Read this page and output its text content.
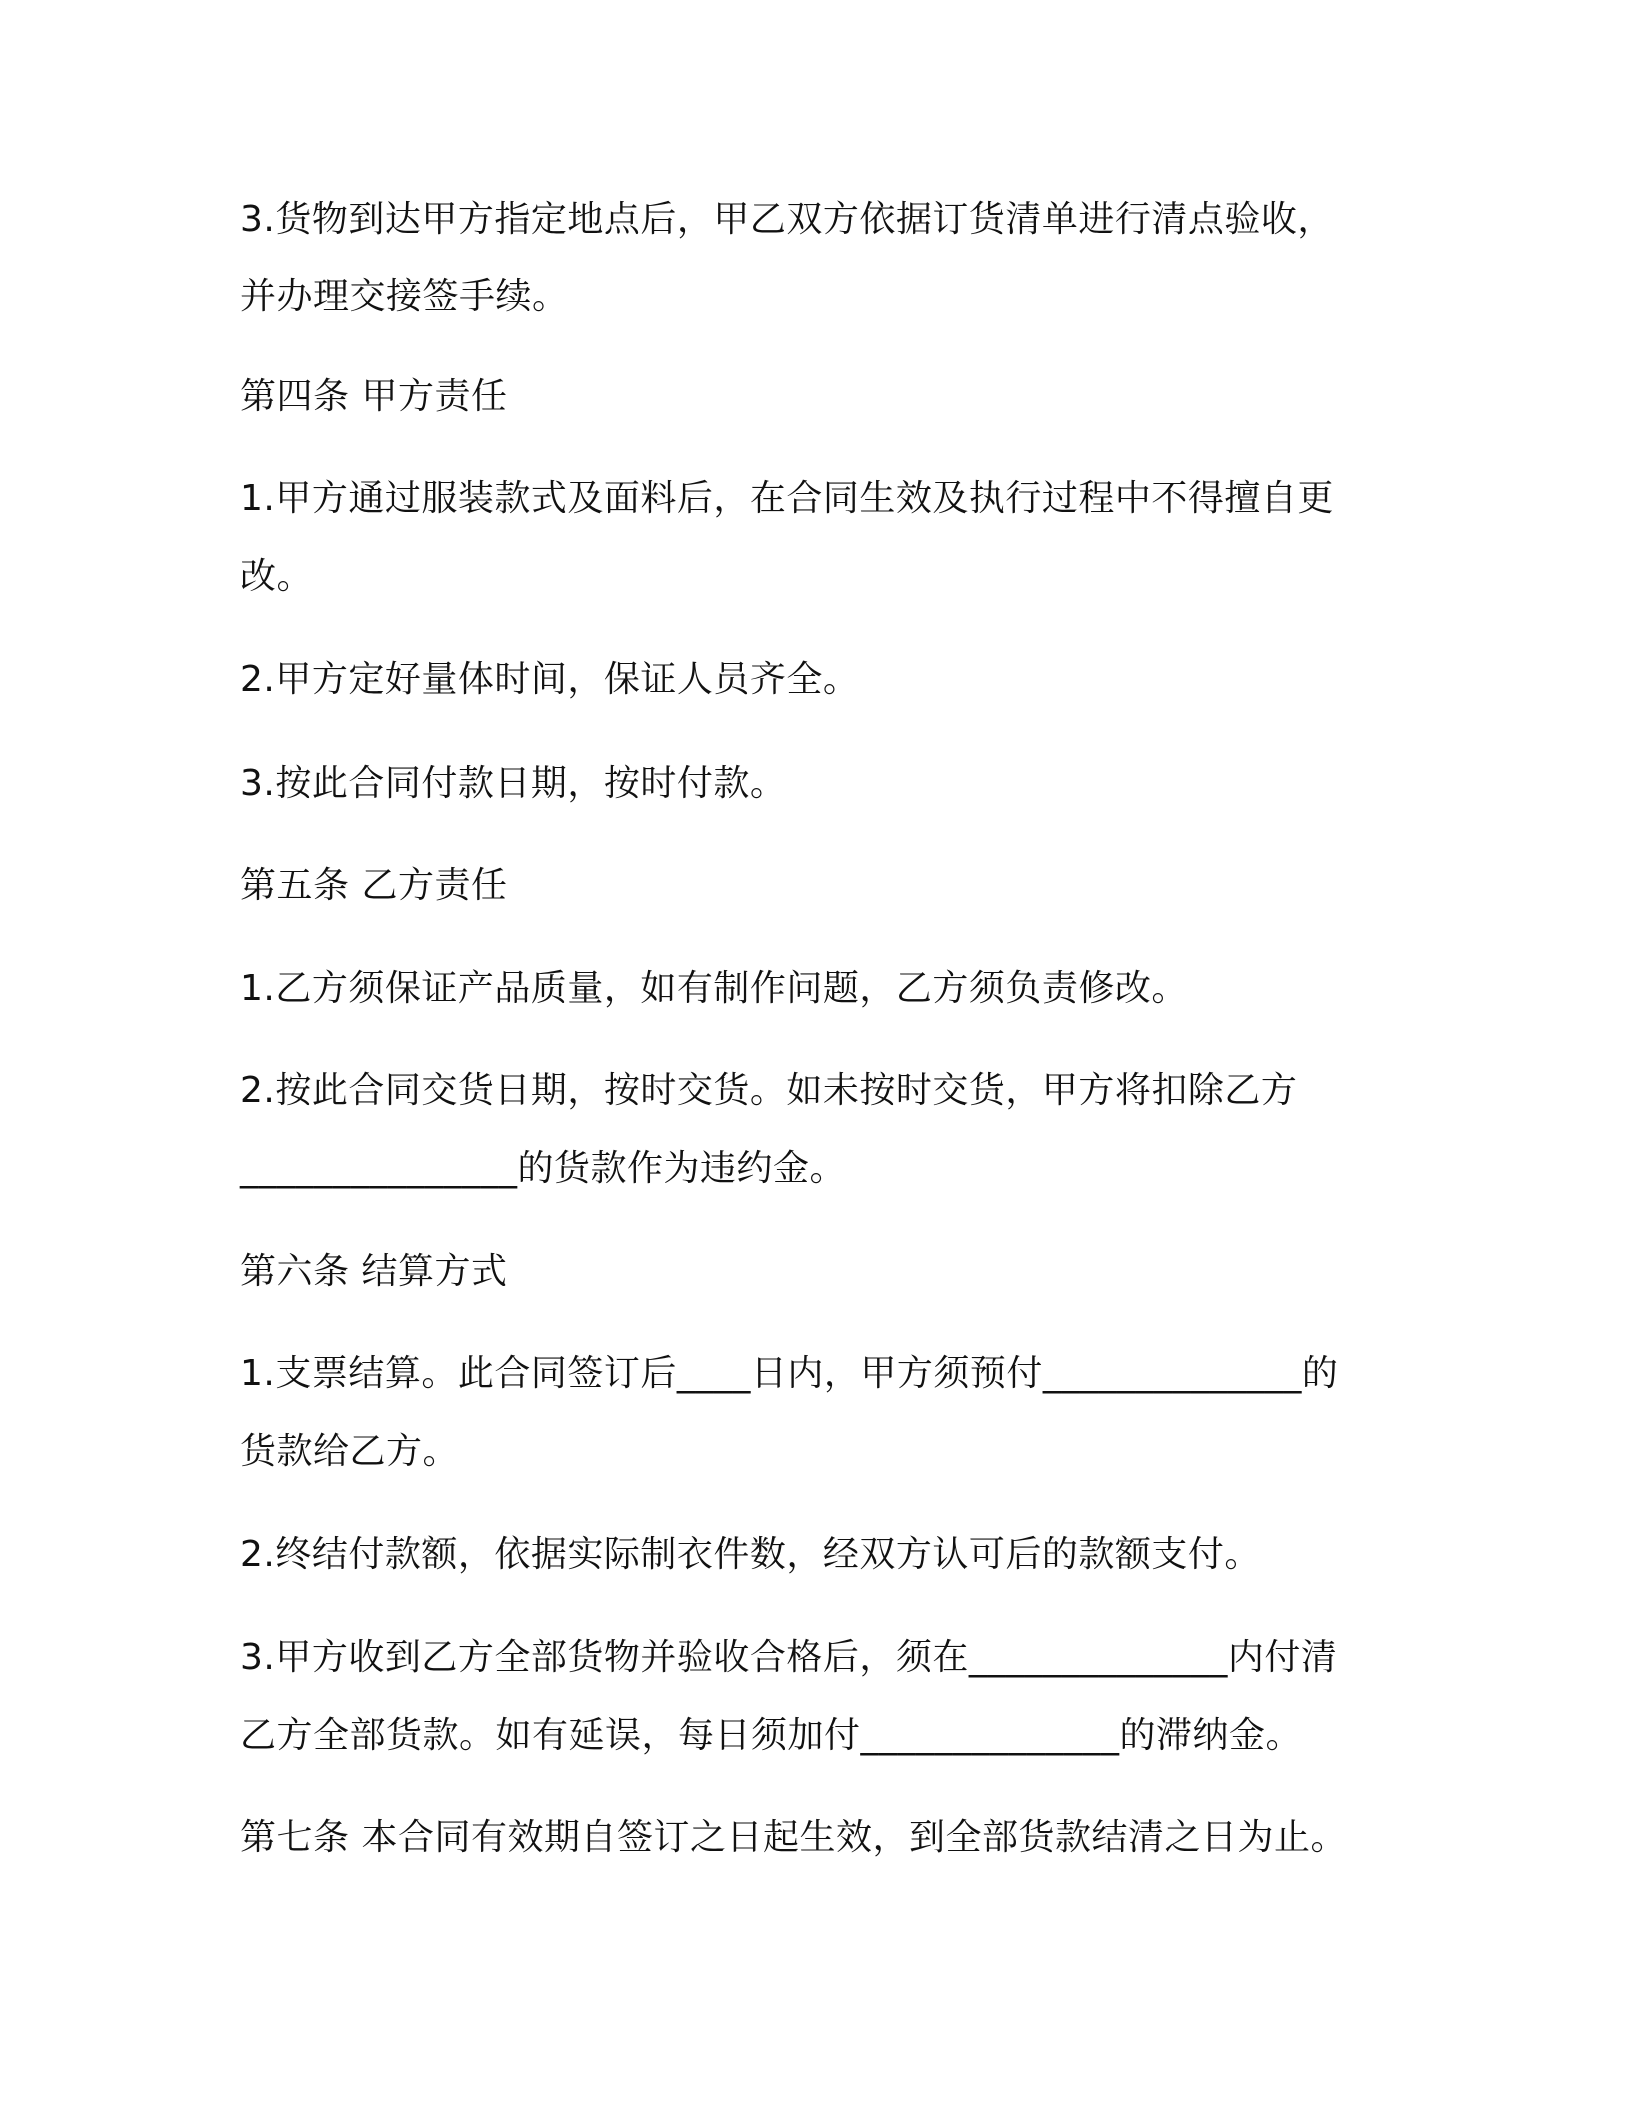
3.货物到达甲方指定地点后，甲乙双方依据订货清单进行清点验收，
并办理交接签手续。
第四条 甲方责任
1.甲方通过服装款式及面料后，在合同生效及执行过程中不得擅自更
改。
2.甲方定好量体时间，保证人员齐全。
3.按此合同付款日期，按时付款。
第五条 乙方责任
1.乙方须保证产品质量，如有制作问题，乙方须负责修改。
2.按此合同交货日期，按时交货。如未按时交货，甲方将扣除乙方
_______________的货款作为违约金。
第六条 结算方式
1.支票结算。此合同签订后____日内，甲方须预付______________的
货款给乙方。
2.终结付款额，依据实际制衣件数，经双方认可后的款额支付。
3.甲方收到乙方全部货物并验收合格后，须在______________内付清
乙方全部货款。如有延误，每日须加付______________的滞纳金。
第七条 本合同有效期自签订之日起生效，到全部货款结清之日为止。
